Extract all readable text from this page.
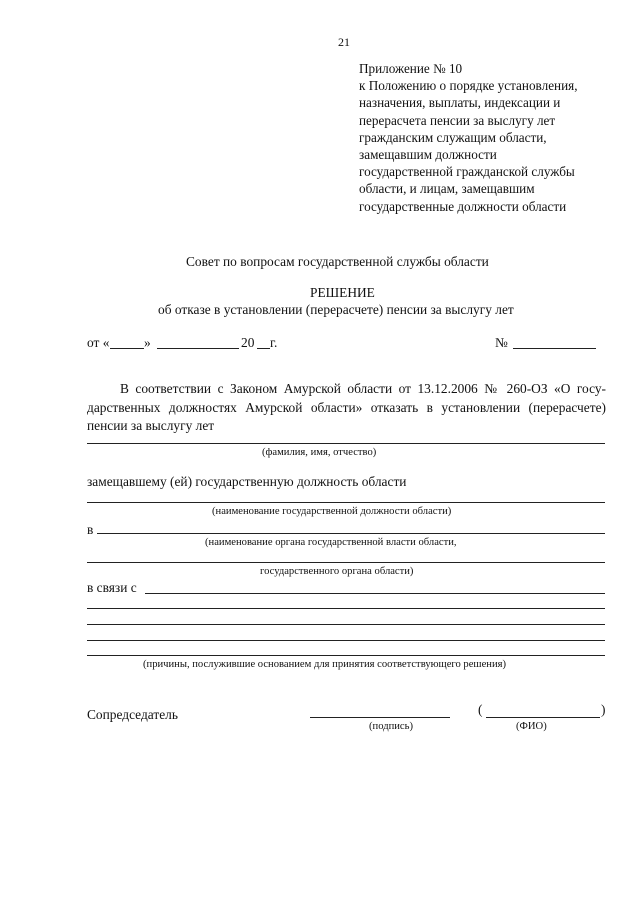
21
Приложение № 10
к Положению о порядке установления,
назначения, выплаты, индексации и
перерасчета пенсии за выслугу лет
гражданским служащим области,
замещавшим должности
государственной гражданской службы
области, и лицам, замещавшим
государственные должности области
Совет по вопросам государственной службы области
РЕШЕНИЕ
об отказе в установлении (перерасчете) пенсии за выслугу лет
от «	»	20 г.	№
В соответствии с Законом Амурской области от 13.12.2006 № 260-ОЗ «О госу-
дарственных должностях Амурской области» отказать в установлении (перерасчете)
пенсии за выслугу лет
(фамилия, имя, отчество)
замещавшему (ей) государственную должность области
(наименование государственной должности области)
в
(наименование органа государственной власти области,
государственного органа области)
в связи с
(причины, послужившие основанием для принятия соответствующего решения)
Сопредседатель
(подпись)
(	)
(ФИО)
